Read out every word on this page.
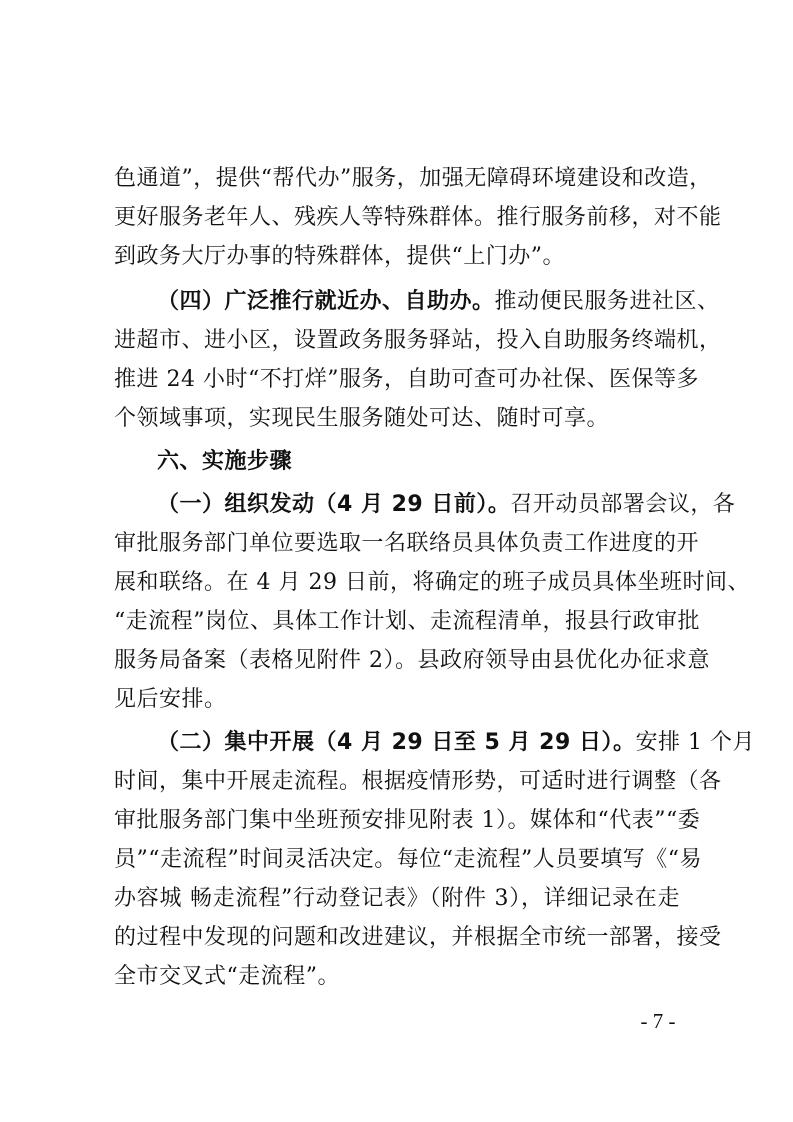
色通道”，提供“帮代办”服务，加强无障碍环境建设和改造，
更好服务老年人、残疾人等特殊群体。推行服务前移，对不能
到政务大厅办事的特殊群体，提供“上门办”。
（四）广泛推行就近办、自助办。推动便民服务进社区、
进超市、进小区，设置政务服务驿站，投入自助服务终端机，
推进 24 小时“不打烊”服务，自助可查可办社保、医保等多
个领域事项，实现民生服务随处可达、随时可享。
六、实施步骤
（一）组织发动（4 月 29 日前）。召开动员部署会议，各
审批服务部门单位要选取一名联络员具体负责工作进度的开
展和联络。在 4 月 29 日前，将确定的班子成员具体坐班时间、
“走流程”岗位、具体工作计划、走流程清单，报县行政审批
服务局备案（表格见附件 2）。县政府领导由县优化办征求意
见后安排。
（二）集中开展（4 月 29 日至 5 月 29 日）。安排 1 个月
时间，集中开展走流程。根据疫情形势，可适时进行调整（各
审批服务部门集中坐班预安排见附表 1）。媒体和“代表”“委
员”“走流程”时间灵活决定。每位“走流程”人员要填写《“易
办容城 畅走流程”行动登记表》（附件 3），详细记录在走
的过程中发现的问题和改进建议，并根据全市统一部署，接受
全市交叉式“走流程”。
- 7 -
